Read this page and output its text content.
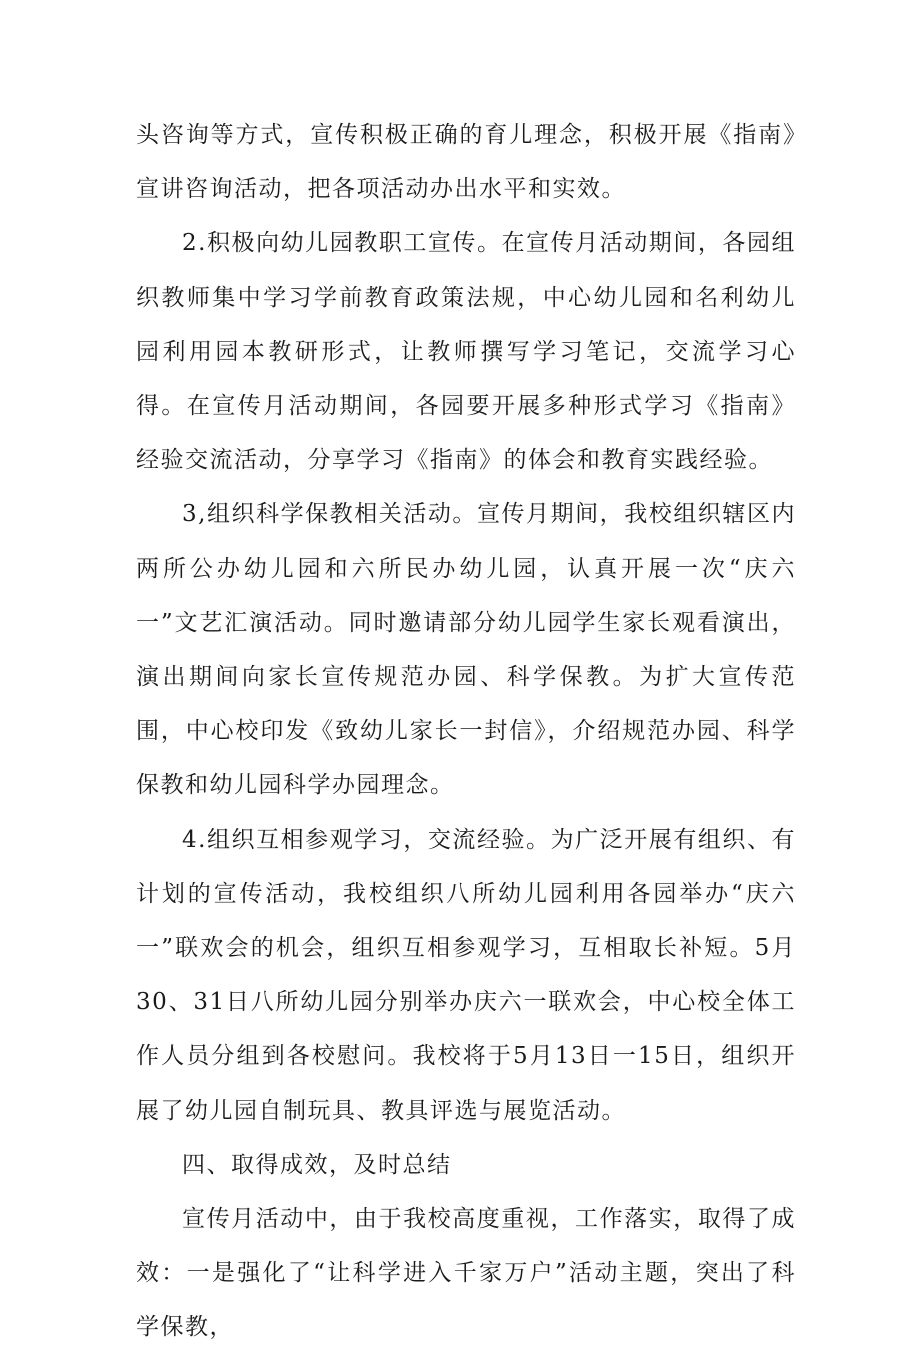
头咨询等方式，宣传积极正确的育儿理念，积极开展《指南》宣讲咨询活动，把各项活动办出水平和实效。

2.积极向幼儿园教职工宣传。在宣传月活动期间，各园组织教师集中学习学前教育政策法规，中心幼儿园和名利幼儿园利用园本教研形式，让教师撰写学习笔记，交流学习心得。在宣传月活动期间，各园要开展多种形式学习《指南》经验交流活动，分享学习《指南》的体会和教育实践经验。

3,组织科学保教相关活动。宣传月期间，我校组织辖区内两所公办幼儿园和六所民办幼儿园，认真开展一次“庆六一”文艺汇演活动。同时邀请部分幼儿园学生家长观看演出，演出期间向家长宣传规范办园、科学保教。为扩大宣传范围，中心校印发《致幼儿家长一封信》，介绍规范办园、科学保教和幼儿园科学办园理念。

4.组织互相参观学习，交流经验。为广泛开展有组织、有计划的宣传活动，我校组织八所幼儿园利用各园举办“庆六一”联欢会的机会，组织互相参观学习，互相取长补短。5月30、31日八所幼儿园分别举办庆六一联欢会，中心校全体工作人员分组到各校慰问。我校将于5月13日一15日，组织开展了幼儿园自制玩具、教具评选与展览活动。

四、取得成效，及时总结

宣传月活动中，由于我校高度重视，工作落实，取得了成效：一是强化了“让科学进入千家万户”活动主题，突出了科学保教，
